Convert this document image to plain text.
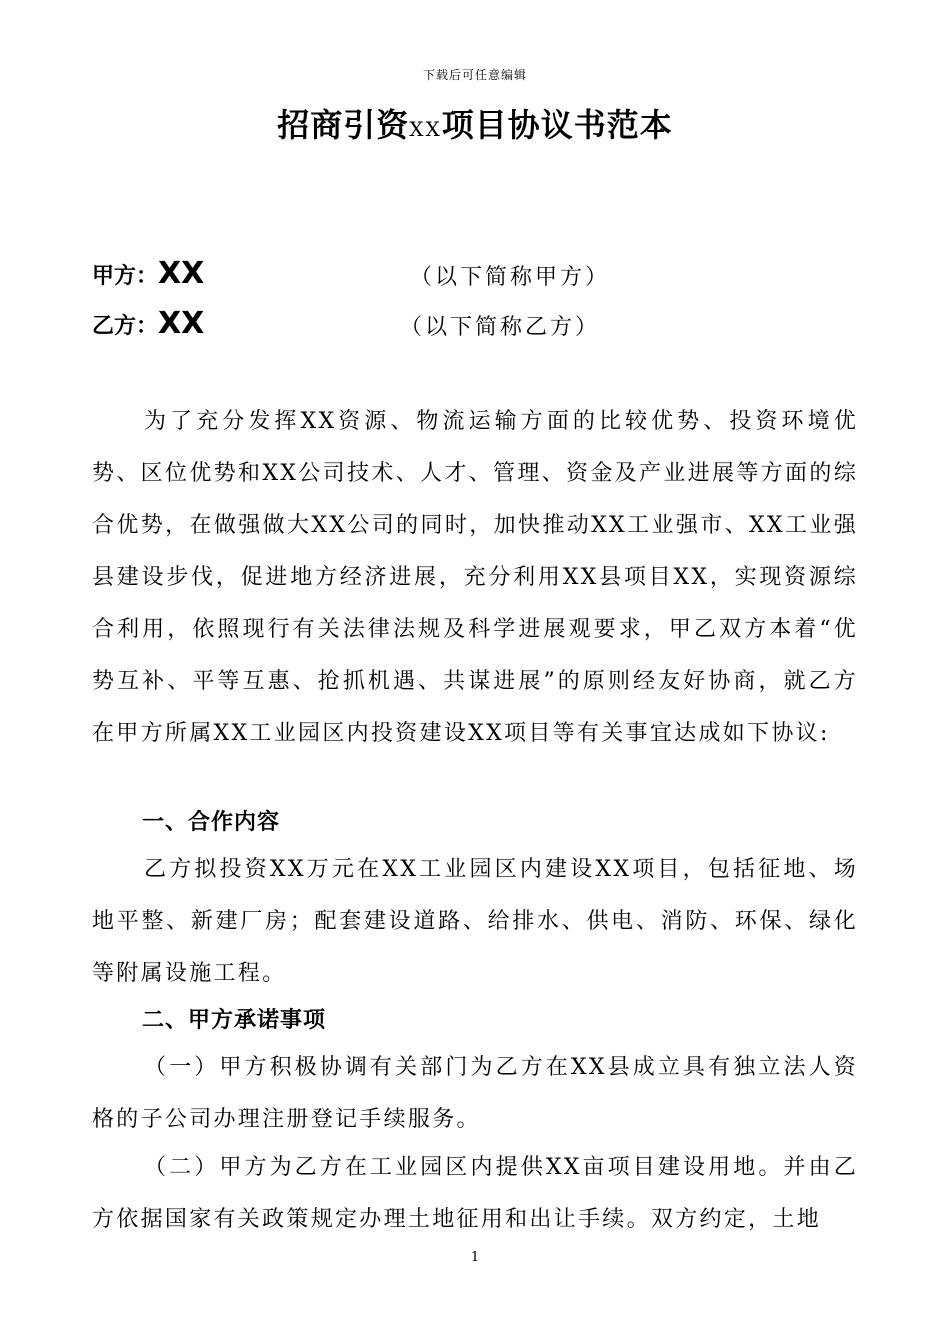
下载后可任意编辑
招商引资XX项目协议书范本
甲方：XX	（以下简称甲方）
乙方：XX	（以下简称乙方）

为了充分发挥XX资源、物流运输方面的比较优势、投资环境优势、区位优势和XX公司技术、人才、管理、资金及产业进展等方面的综合优势，在做强做大XX公司的同时，加快推动XX工业强市、XX工业强县建设步伐，促进地方经济进展，充分利用XX县项目XX，实现资源综合利用，依照现行有关法律法规及科学进展观要求，甲乙双方本着“优势互补、平等互惠、抢抓机遇、共谋进展”的原则经友好协商，就乙方在甲方所属XX工业园区内投资建设XX项目等有关事宜达成如下协议:

一、合作内容

乙方拟投资XX万元在XX工业园区内建设XX项目，包括征地、场地平整、新建厂房；配套建设道路、给排水、供电、消防、环保、绿化等附属设施工程。

二、甲方承诺事项

（一）甲方积极协调有关部门为乙方在XX县成立具有独立法人资格的子公司办理注册登记手续服务。

（二）甲方为乙方在工业园区内提供XX亩项目建设用地。并由乙方依据国家有关政策规定办理土地征用和出让手续。双方约定，土地

1
